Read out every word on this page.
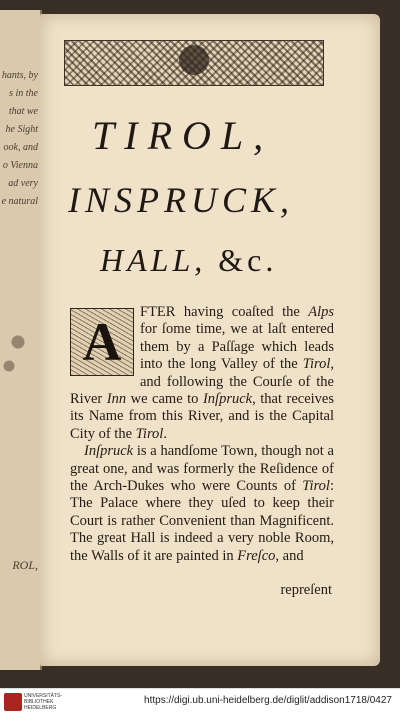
hants, by
s in the
that we
he Sight
ook, and
o Vienna
ad very
e natural
ROL,
TIROL,
INSPRUCK,
HALL, &c.
A	FTER having coaſted the Alps for ſome time, we at laſt entered them by a Paſſage which leads into the long Valley of the Tirol, and following the Courſe of the River Inn we came to Inſpruck, that receives its Name from this River, and is the Capital City of the Tirol.

Inſpruck is a handſome Town, though not a great one, and was formerly the Reſidence of the Arch-Dukes who were Counts of Tirol: The Palace where they uſed to keep their Court is rather Convenient than Magnificent. The great Hall is indeed a very noble Room, the Walls of it are painted in Freſco, and

repreſent
UNIVERSITÄTS-
BIBLIOTHEK
HEIDELBERG
https://digi.ub.uni-heidelberg.de/diglit/addison1718/0427
